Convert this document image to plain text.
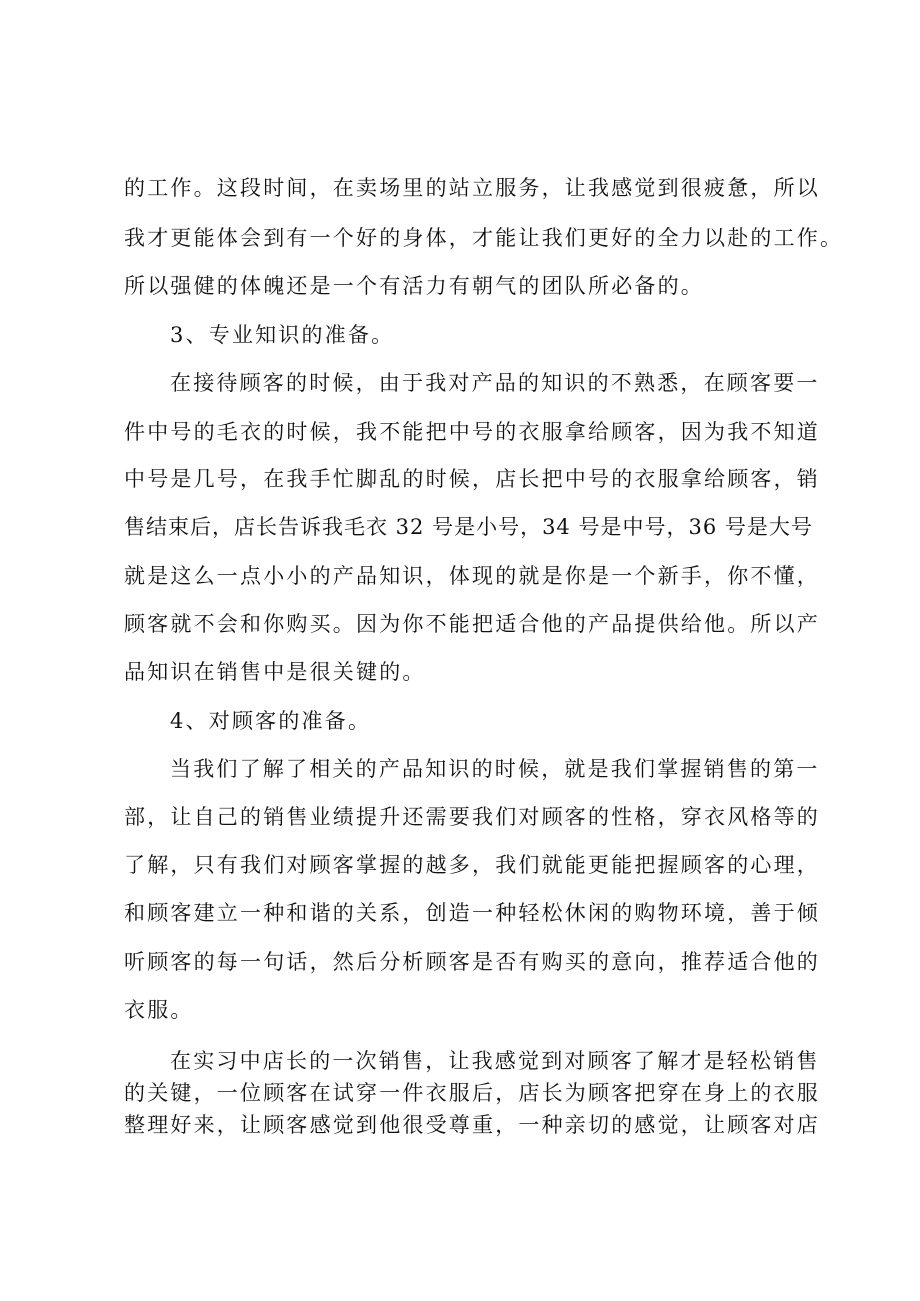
的工作。这段时间，在卖场里的站立服务，让我感觉到很疲惫，所以

我才更能体会到有一个好的身体，才能让我们更好的全力以赴的工作。

所以强健的体魄还是一个有活力有朝气的团队所必备的。

3、专业知识的准备。

在接待顾客的时候，由于我对产品的知识的不熟悉，在顾客要一

件中号的毛衣的时候，我不能把中号的衣服拿给顾客，因为我不知道

中号是几号，在我手忙脚乱的时候，店长把中号的衣服拿给顾客，销

售结束后，店长告诉我毛衣 32 号是小号，34 号是中号，36 号是大号

就是这么一点小小的产品知识，体现的就是你是一个新手，你不懂，

顾客就不会和你购买。因为你不能把适合他的产品提供给他。所以产

品知识在销售中是很关键的。

4、对顾客的准备。

当我们了解了相关的产品知识的时候，就是我们掌握销售的第一

部，让自己的销售业绩提升还需要我们对顾客的性格，穿衣风格等的

了解，只有我们对顾客掌握的越多，我们就能更能把握顾客的心理，

和顾客建立一种和谐的关系，创造一种轻松休闲的购物环境，善于倾

听顾客的每一句话，然后分析顾客是否有购买的意向，推荐适合他的

衣服。

在实习中店长的一次销售，让我感觉到对顾客了解才是轻松销售

的关键，一位顾客在试穿一件衣服后，店长为顾客把穿在身上的衣服

整理好来，让顾客感觉到他很受尊重，一种亲切的感觉，让顾客对店
